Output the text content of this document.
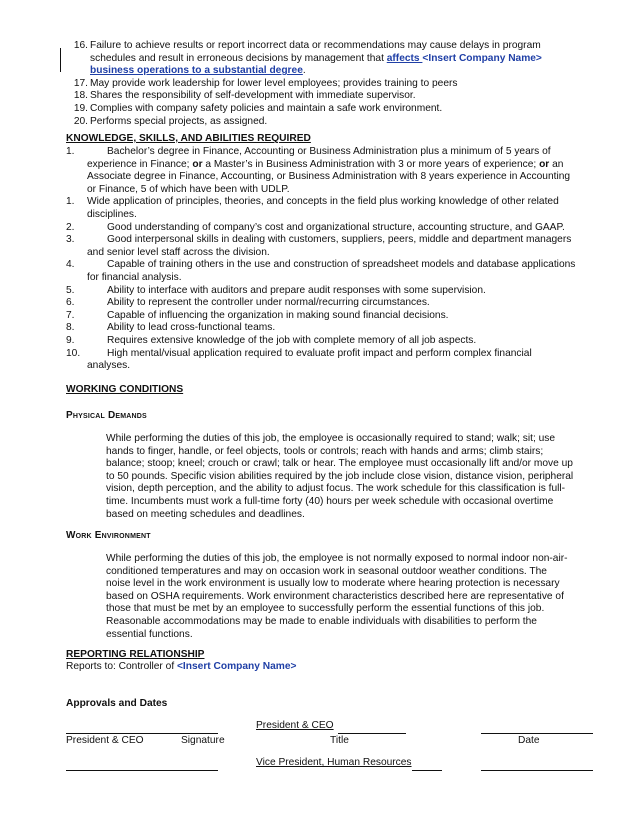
16. Failure to achieve results or report incorrect data or recommendations may cause delays in program schedules and result in erroneous decisions by management that affects <Insert Company Name> business operations to a substantial degree.
17. May provide work leadership for lower level employees; provides training to peers
18. Shares the responsibility of self-development with immediate supervisor.
19. Complies with company safety policies and maintain a safe work environment.
20. Performs special projects, as assigned.
KNOWLEDGE, SKILLS, AND ABILITIES REQUIRED
1.	Bachelor’s degree in Finance, Accounting or Business Administration plus a minimum of 5 years of experience in Finance; or a Master’s in Business Administration with 3 or more years of experience; or an Associate degree in Finance, Accounting, or Business Administration with 8 years experience in Accounting or Finance, 5 of which have been with UDLP.
1. Wide application of principles, theories, and concepts in the field plus working knowledge of other related disciplines.
2.	Good understanding of company’s cost and organizational structure, accounting structure, and GAAP.
3.	Good interpersonal skills in dealing with customers, suppliers, peers, middle and department managers and senior level staff across the division.
4.	Capable of training others in the use and construction of spreadsheet models and database applications for financial analysis.
5.	Ability to interface with auditors and prepare audit responses with some supervision.
6.	Ability to represent the controller under normal/recurring circumstances.
7.	Capable of influencing the organization in making sound financial decisions.
8.	Ability to lead cross-functional teams.
9.	Requires extensive knowledge of the job with complete memory of all job aspects.
10.	High mental/visual application required to evaluate profit impact and perform complex financial analyses.
WORKING CONDITIONS
Physical Demands
While performing the duties of this job, the employee is occasionally required to stand; walk; sit; use hands to finger, handle, or feel objects, tools or controls; reach with hands and arms; climb stairs; balance; stoop; kneel; crouch or crawl; talk or hear. The employee must occasionally lift and/or move up to 50 pounds. Specific vision abilities required by the job include close vision, distance vision, peripheral vision, depth perception, and the ability to adjust focus. The work schedule for this classification is full-time. Incumbents must work a full-time forty (40) hours per week schedule with occasional overtime based on meeting schedules and deadlines.
Work Environment
While performing the duties of this job, the employee is not normally exposed to normal indoor non-air-conditioned temperatures and may on occasion work in seasonal outdoor weather conditions. The noise level in the work environment is usually low to moderate where hearing protection is necessary based on OSHA requirements. Work environment characteristics described here are representative of those that must be met by an employee to successfully perform the essential functions of this job. Reasonable accommodations may be made to enable individuals with disabilities to perform the essential functions.
REPORTING RELATIONSHIP
Reports to: Controller of <Insert Company Name>
Approvals and Dates
President & CEO
President & CEO	Signature	Title	Date
Vice President, Human Resources
